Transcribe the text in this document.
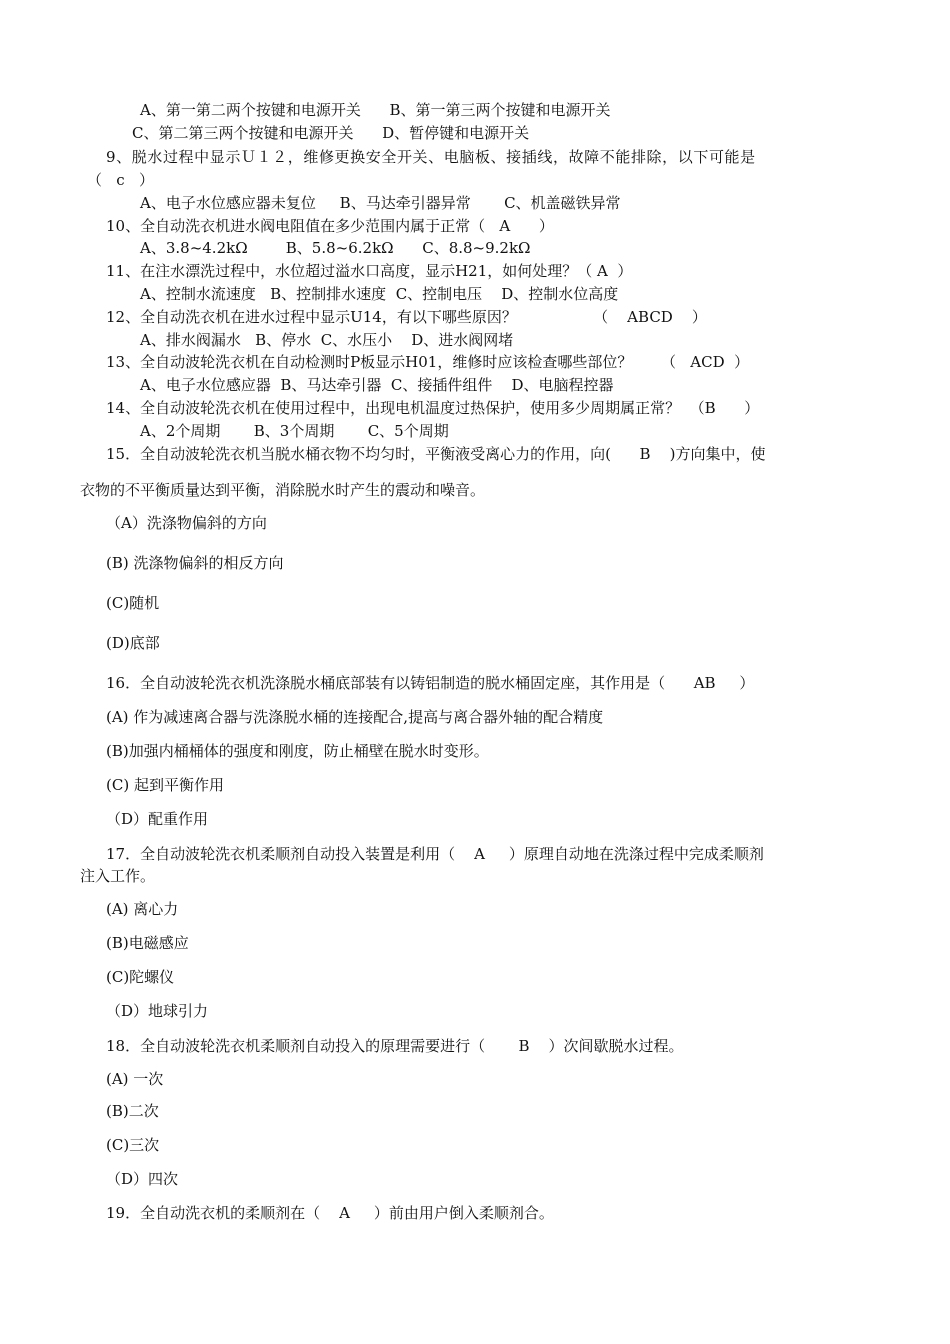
A、第一第二两个按键和电源开关      B、第一第三两个按键和电源开关
C、第二第三两个按键和电源开关      D、暂停键和电源开关
9、脱水过程中显示Ｕ１２，维修更换安全开关、电脑板、接插线，故障不能排除，以下可能是
（   c   ）
A、电子水位感应器未复位     B、马达牵引器异常       C、机盖磁铁异常
10、全自动洗衣机进水阀电阻值在多少范围内属于正常（   A      ）
A、3.8~4.2kΩ        B、5.8~6.2kΩ      C、8.8~9.2kΩ
11、在注水漂洗过程中，水位超过溢水口高度，显示H21，如何处理？（ A  ）
A、控制水流速度   B、控制排水速度  C、控制电压    D、控制水位高度
12、全自动洗衣机在进水过程中显示U14，有以下哪些原因？                （    ABCD    ）
A、排水阀漏水   B、停水  C、水压小    D、进水阀网堵
13、全自动波轮洗衣机在自动检测时P板显示H01，维修时应该检查哪些部位？      （   ACD  ）
A、电子水位感应器  B、马达牵引器  C、接插件组件    D、电脑程控器
14、全自动波轮洗衣机在使用过程中，出现电机温度过热保护，使用多少周期属正常？  （B      ）
A、2个周期       B、3个周期       C、5个周期
15．全自动波轮洗衣机当脱水桶衣物不均匀时，平衡液受离心力的作用，向(      B    )方向集中，使
衣物的不平衡质量达到平衡，消除脱水时产生的震动和噪音。
（A）洗涤物偏斜的方向
(B) 洗涤物偏斜的相反方向
(C)随机
(D)底部
16．全自动波轮洗衣机洗涤脱水桶底部装有以铸铝制造的脱水桶固定座，其作用是（      AB     ）
(A) 作为减速离合器与洗涤脱水桶的连接配合,提高与离合器外轴的配合精度
(B)加强内桶桶体的强度和刚度，防止桶壁在脱水时变形。
(C) 起到平衡作用
（D）配重作用
17．全自动波轮洗衣机柔顺剂自动投入装置是利用（    A     ）原理自动地在洗涤过程中完成柔顺剂
注入工作。
(A) 离心力
(B)电磁感应
(C)陀螺仪
（D）地球引力
18．全自动波轮洗衣机柔顺剂自动投入的原理需要进行（       B    ）次间歇脱水过程。
(A) 一次
(B)二次
(C)三次
（D）四次
19．全自动洗衣机的柔顺剂在（    A     ）前由用户倒入柔顺剂合。
